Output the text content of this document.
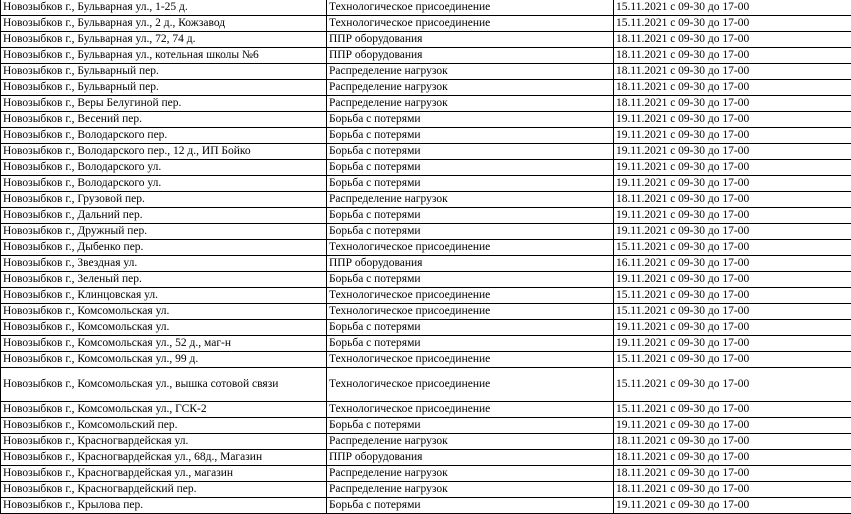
Новозыбков г., Бульварная ул., 1-25 д.	Технологическое присоединение	15.11.2021 с 09-30 до 17-00
Новозыбков г., Бульварная ул., 2 д., Кожзавод	Технологическое присоединение	15.11.2021 с 09-30 до 17-00
Новозыбков г., Бульварная ул., 72, 74 д.	ППР оборудования	18.11.2021 с 09-30 до 17-00
Новозыбков г., Бульварная ул., котельная школы №6	ППР оборудования	18.11.2021 с 09-30 до 17-00
Новозыбков г., Бульварный пер.	Распределение нагрузок	18.11.2021 с 09-30 до 17-00
Новозыбков г., Бульварный пер.	Распределение нагрузок	18.11.2021 с 09-30 до 17-00
Новозыбков г., Веры Белугиной пер.	Распределение нагрузок	18.11.2021 с 09-30 до 17-00
Новозыбков г., Весений пер.	Борьба с потерями	19.11.2021 с 09-30 до 17-00
Новозыбков г., Володарского пер.	Борьба с потерями	19.11.2021 с 09-30 до 17-00
Новозыбков г., Володарского пер., 12 д., ИП Бойко	Борьба с потерями	19.11.2021 с 09-30 до 17-00
Новозыбков г., Володарского ул.	Борьба с потерями	19.11.2021 с 09-30 до 17-00
Новозыбков г., Володарского ул.	Борьба с потерями	19.11.2021 с 09-30 до 17-00
Новозыбков г., Грузовой пер.	Распределение нагрузок	18.11.2021 с 09-30 до 17-00
Новозыбков г., Дальний пер.	Борьба с потерями	19.11.2021 с 09-30 до 17-00
Новозыбков г., Дружный пер.	Борьба с потерями	19.11.2021 с 09-30 до 17-00
Новозыбков г., Дыбенко пер.	Технологическое присоединение	15.11.2021 с 09-30 до 17-00
Новозыбков г., Звездная ул.	ППР оборудования	16.11.2021 с 09-30 до 17-00
Новозыбков г., Зеленый пер.	Борьба с потерями	19.11.2021 с 09-30 до 17-00
Новозыбков г., Клинцовская ул.	Технологическое присоединение	15.11.2021 с 09-30 до 17-00
Новозыбков г., Комсомольская ул.	Технологическое присоединение	15.11.2021 с 09-30 до 17-00
Новозыбков г., Комсомольская ул.	Борьба с потерями	19.11.2021 с 09-30 до 17-00
Новозыбков г., Комсомольская ул., 52 д., маг-н	Борьба с потерями	19.11.2021 с 09-30 до 17-00
Новозыбков г., Комсомольская ул., 99 д.	Технологическое присоединение	15.11.2021 с 09-30 до 17-00
Новозыбков г., Комсомольская ул., вышка сотовой связи	Технологическое присоединение	15.11.2021 с 09-30 до 17-00
Новозыбков г., Комсомольская ул., ГСК-2	Технологическое присоединение	15.11.2021 с 09-30 до 17-00
Новозыбков г., Комсомольский пер.	Борьба с потерями	19.11.2021 с 09-30 до 17-00
Новозыбков г., Красногвардейская ул.	Распределение нагрузок	18.11.2021 с 09-30 до 17-00
Новозыбков г., Красногвардейская ул., 68д., Магазин	ППР оборудования	18.11.2021 с 09-30 до 17-00
Новозыбков г., Красногвардейская ул., магазин	Распределение нагрузок	18.11.2021 с 09-30 до 17-00
Новозыбков г., Красногвардейский пер.	Распределение нагрузок	18.11.2021 с 09-30 до 17-00
Новозыбков г., Крылова пер.	Борьба с потерями	19.11.2021 с 09-30 до 17-00
